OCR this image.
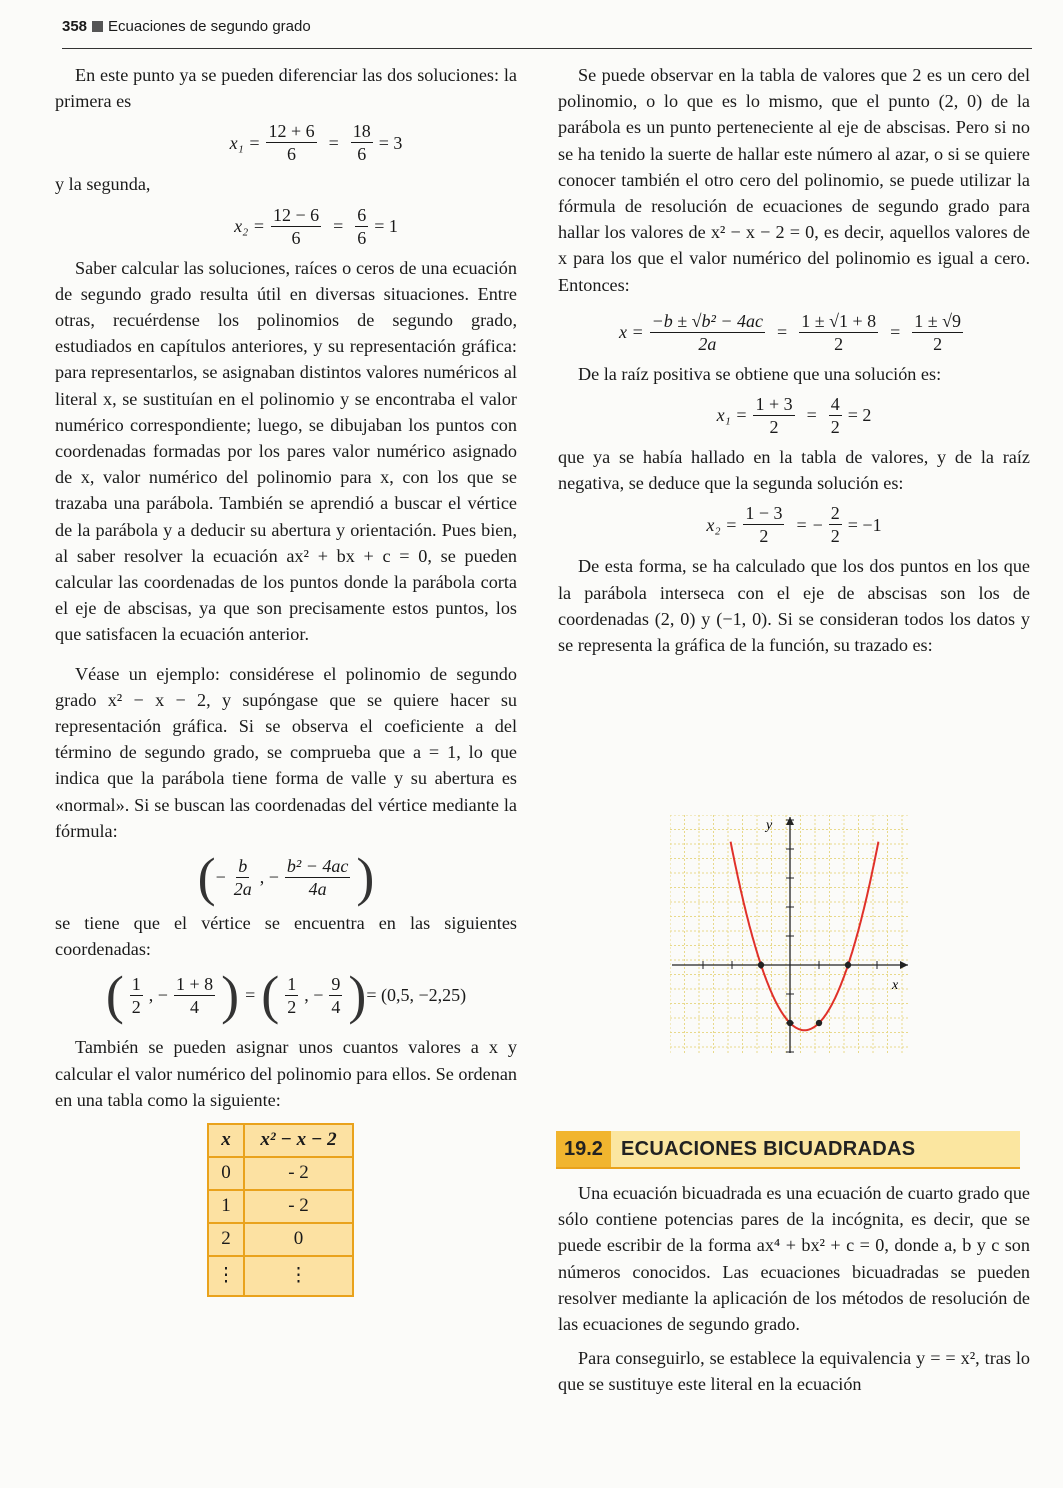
358 Ecuaciones de segundo grado

En este punto ya se pueden diferenciar las dos soluciones: la primera es

$x_1 = \frac{12 + 6}{6} = \frac{18}{6} = 3$

y la segunda,

$x_2 = \frac{12 - 6}{6} = \frac{6}{6} = 1$

Saber calcular las soluciones, raíces o ceros de una ecuación de segundo grado resulta útil en diversas situaciones. Entre otras, recuérdense los polinomios de segundo grado, estudiados en capítulos anteriores, y su representación gráfica: para representarlos, se asignaban distintos valores numéricos al literal x, se sustituían en el polinomio y se encontraba el valor numérico correspondiente; luego, se dibujaban los puntos con coordenadas formadas por los pares valor numérico asignado de x, valor numérico del polinomio para x, con los que se trazaba una parábola. También se aprendió a buscar el vértice de la parábola y a deducir su abertura y orientación. Pues bien, al saber resolver la ecuación ax² + bx + c = 0, se pueden calcular las coordenadas de los puntos donde la parábola corta el eje de abscisas, ya que son precisamente estos puntos, los que satisfacen la ecuación anterior.

Véase un ejemplo: considérese el polinomio de segundo grado x² − x − 2, y supóngase que se quiere hacer su representación gráfica. Si se observa el coeficiente a del término de segundo grado, se comprueba que a = 1, lo que indica que la parábola tiene forma de valle y su abertura es «normal». Si se buscan las coordenadas del vértice mediante la fórmula:

( − $\frac{b}{2a}$ , − $\frac{\text{b² − 4ac}}{4a}$ )

se tiene que el vértice se encuentra en las siguientes coordenadas:

( $\frac{1}{2}$ , − $\frac{1 + 8}{4}$ ) = ( $\frac{1}{2}$ , − $\frac{9}{4}$ ) = (0,5, −2,25)

También se pueden asignar unos cuantos valores a x y calcular el valor numérico del polinomio para ellos. Se ordenan en una tabla como la siguiente:

x	x² − x − 2
0	- 2
1	- 2
2	0
⋮	⋮

Se puede observar en la tabla de valores que 2 es un cero del polinomio, o lo que es lo mismo, que el punto (2, 0) de la parábola es un punto perteneciente al eje de abscisas. Pero si no se ha tenido la suerte de hallar este número al azar, o si se quiere conocer también el otro cero del polinomio, se puede utilizar la fórmula de resolución de ecuaciones de segundo grado para hallar los valores de x² − x − 2 = 0, es decir, aquellos valores de x para los que el valor numérico del polinomio es igual a cero. Entonces:

$x = \frac{\text{−b ± √b² − 4ac}}{2a} = \frac{1 \pm √1 + 8}{2} = \frac{1 \pm √9}{2}$

De la raíz positiva se obtiene que una solución es:

$x_1 = \frac{1 + 3}{2} = \frac{4}{2} = 2$

que ya se había hallado en la tabla de valores, y de la raíz negativa, se deduce que la segunda solución es:

$x_2 = \frac{1 - 3}{2}$ = − $\frac{2}{2} = -1$

De esta forma, se ha calculado que los dos puntos en los que la parábola interseca con el eje de abscisas son los de coordenadas (2, 0) y (−1, 0). Si se consideran todos los datos y se representa la gráfica de la función, su trazado es:

y
x
19.2 ECUACIONES BICUADRADAS

Una ecuación bicuadrada es una ecuación de cuarto grado que sólo contiene potencias pares de la incógnita, es decir, que se puede escribir de la forma ax⁴ + bx² + c = 0, donde a, b y c son números conocidos. Las ecuaciones bicuadradas se pueden resolver mediante la aplicación de los métodos de resolución de las ecuaciones de segundo grado.

Para conseguirlo, se establece la equivalencia y = = x², tras lo que se sustituye este literal en la ecuación
